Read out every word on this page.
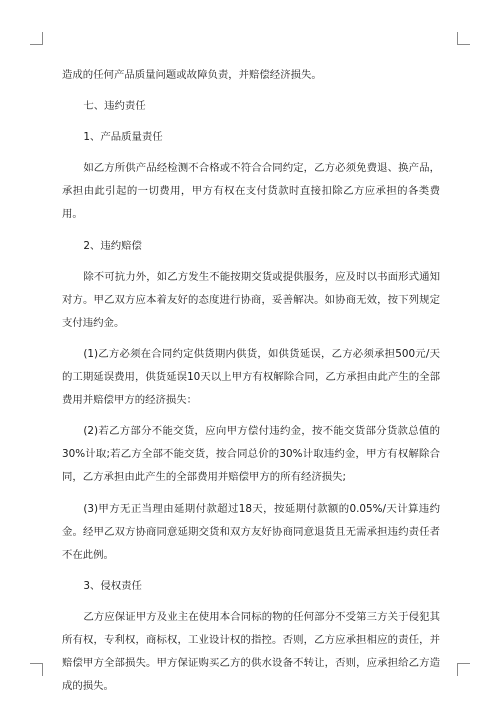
造成的任何产品质量问题或故障负责，并赔偿经济损失。

七、违约责任

1、产品质量责任

如乙方所供产品经检测不合格或不符合合同约定，乙方必须免费退、换产品，承担由此引起的一切费用，甲方有权在支付货款时直接扣除乙方应承担的各类费用。

2、违约赔偿

除不可抗力外，如乙方发生不能按期交货或提供服务，应及时以书面形式通知对方。甲乙双方应本着友好的态度进行协商，妥善解决。如协商无效，按下列规定支付违约金。

(1)乙方必须在合同约定供货期内供货，如供货延误，乙方必须承担500元/天的工期延误费用，供货延误10天以上甲方有权解除合同，乙方承担由此产生的全部费用并赔偿甲方的经济损失：

(2)若乙方部分不能交货，应向甲方偿付违约金，按不能交货部分货款总值的30%计取;若乙方全部不能交货，按合同总价的30%计取违约金，甲方有权解除合同，乙方承担由此产生的全部费用并赔偿甲方的所有经济损失;

(3)甲方无正当理由延期付款超过18天，按延期付款额的0.05%/天计算违约金。经甲乙双方协商同意延期交货和双方友好协商同意退货且无需承担违约责任者不在此例。

3、侵权责任

乙方应保证甲方及业主在使用本合同标的物的任何部分不受第三方关于侵犯其所有权，专利权，商标权，工业设计权的指控。否则，乙方应承担相应的责任，并赔偿甲方全部损失。甲方保证购买乙方的供水设备不转让，否则，应承担给乙方造成的损失。
